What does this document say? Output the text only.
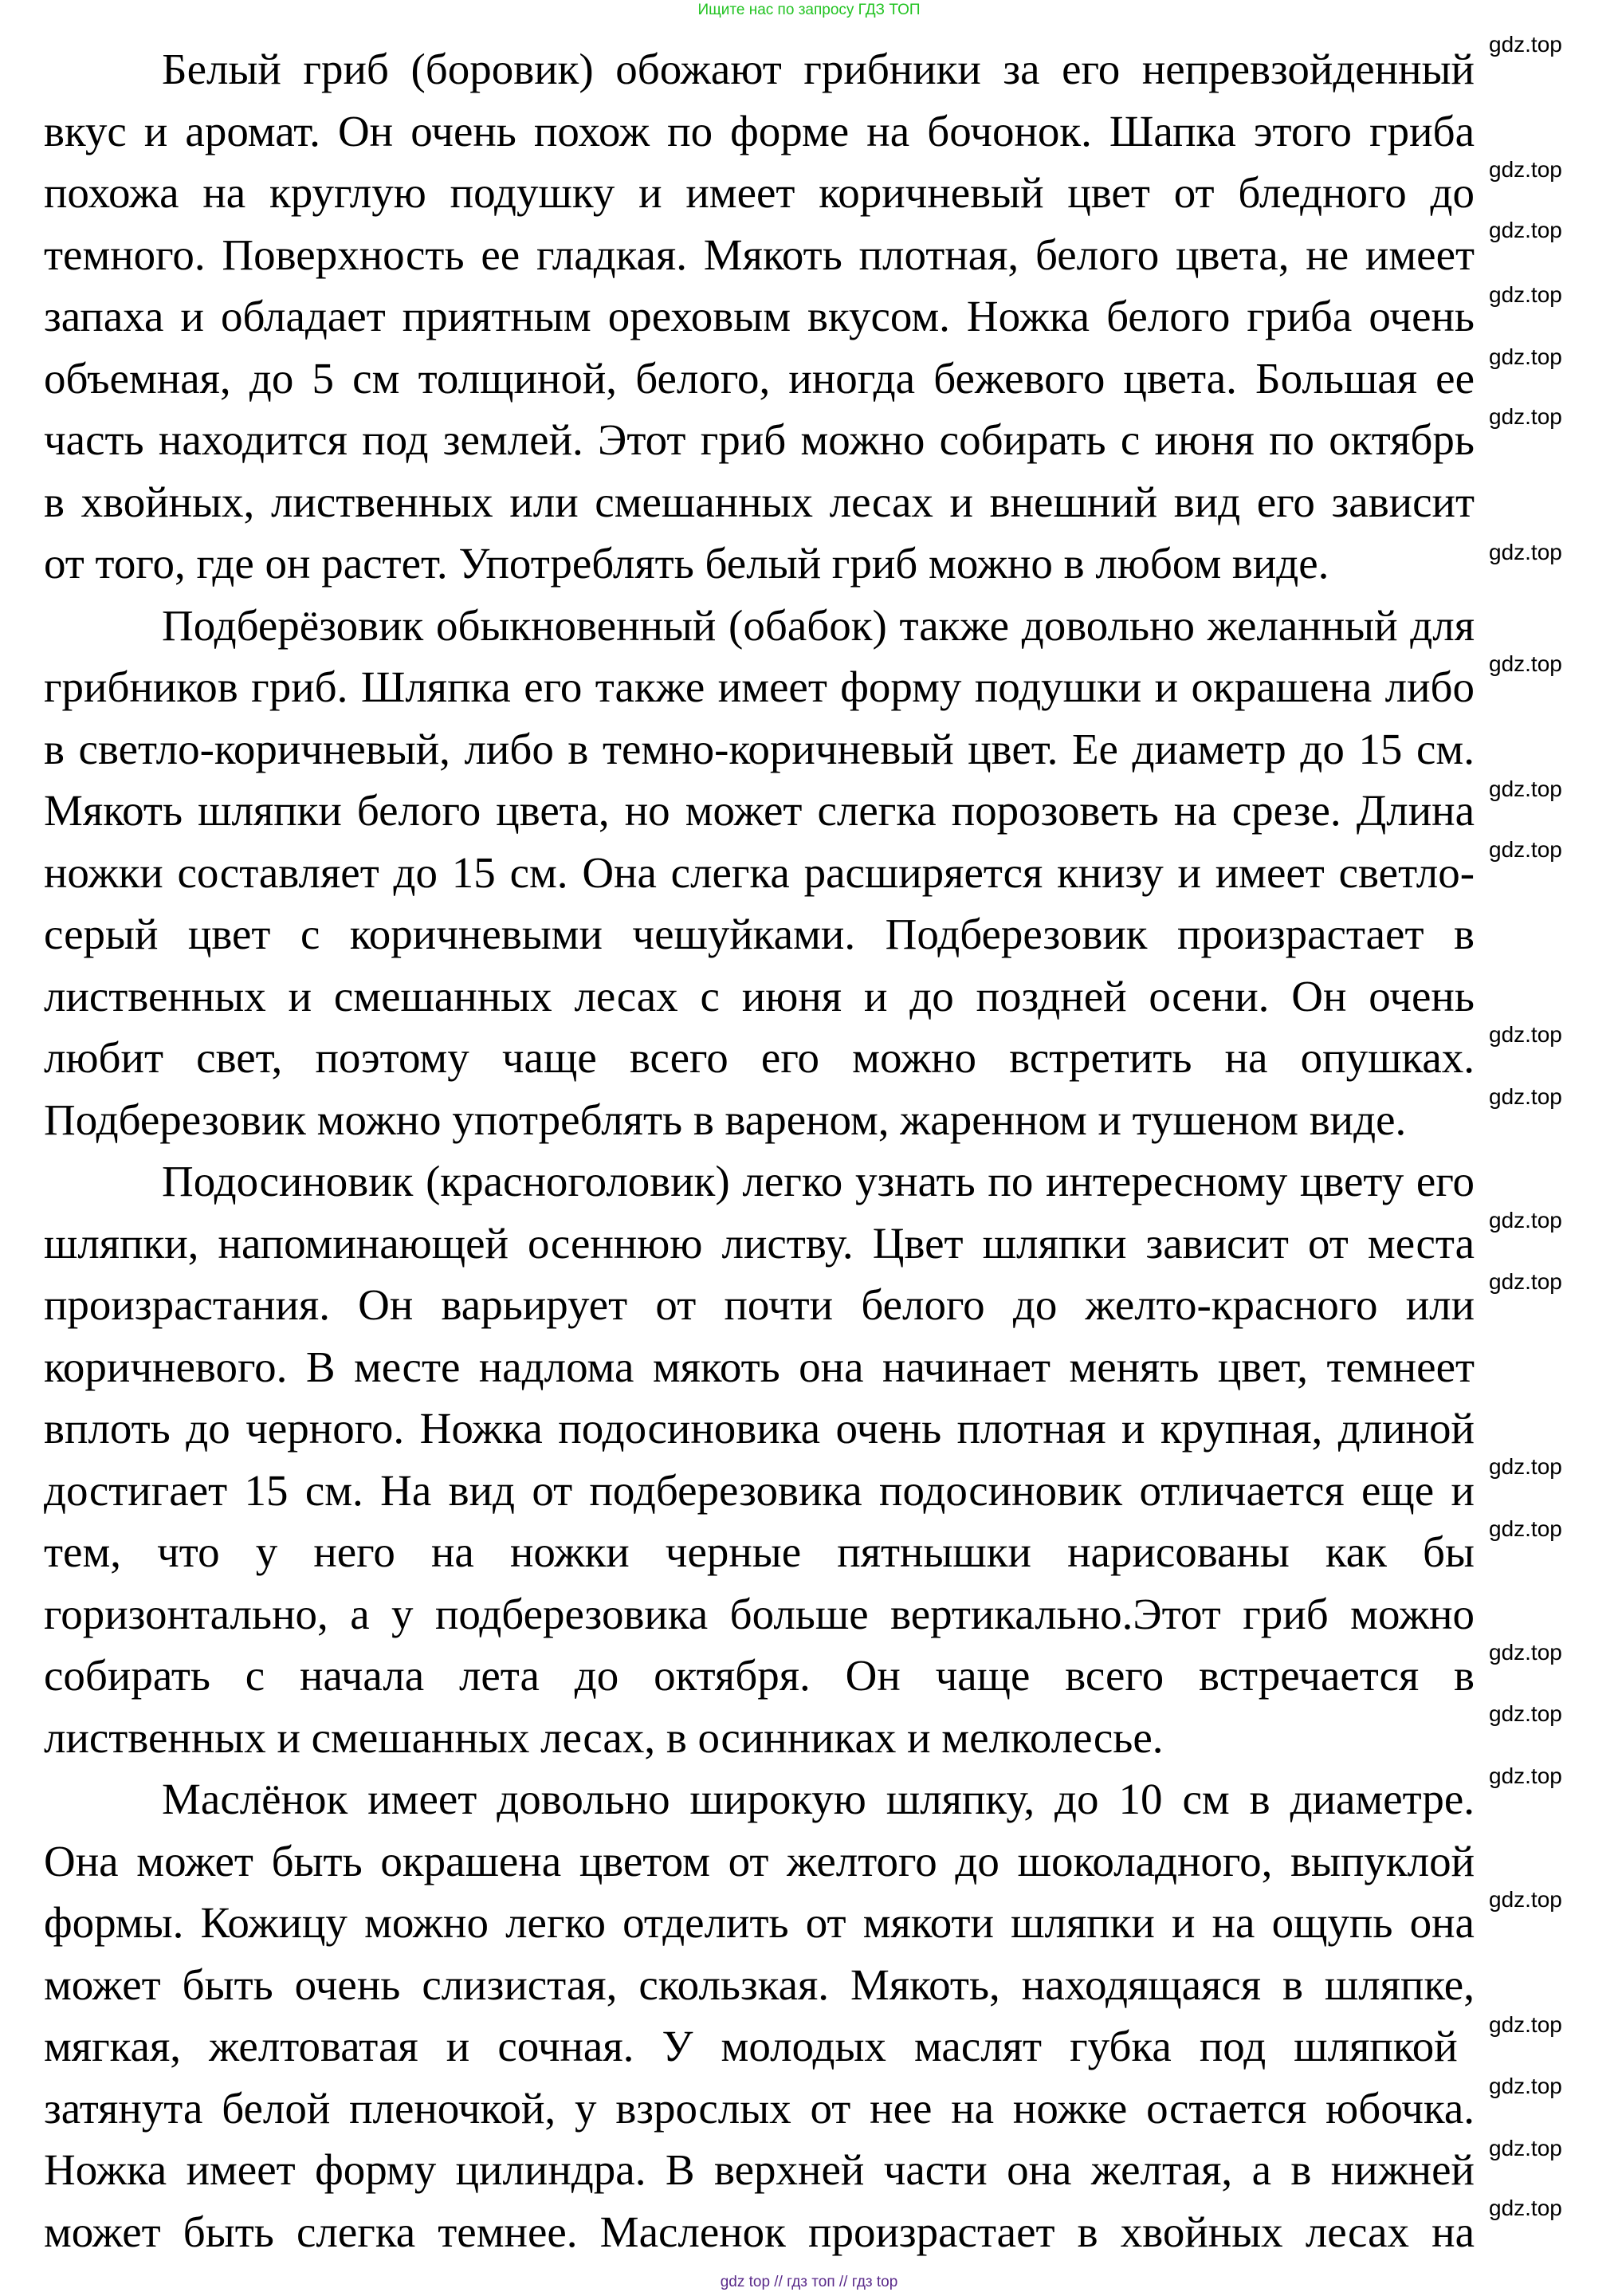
Ищите нас по запросу ГДЗ ТОП
Белый гриб (боровик) обожают грибники за его непревзойденный
вкус и аромат. Он очень похож по форме на бочонок. Шапка этого гриба
похожа на круглую подушку и имеет коричневый цвет от бледного до
темного. Поверхность ее гладкая. Мякоть плотная, белого цвета, не имеет
запаха и обладает приятным ореховым вкусом. Ножка белого гриба очень
объемная, до 5 см толщиной, белого, иногда бежевого цвета. Большая ее
часть находится под землей. Этот гриб можно собирать с июня по октябрь
в хвойных, лиственных или смешанных лесах и внешний вид его зависит
от того, где он растет. Употреблять белый гриб можно в любом виде.
Подберёзовик обыкновенный (обабок) также довольно желанный для
грибников гриб. Шляпка его также имеет форму подушки и окрашена либо
в светло-коричневый, либо в темно-коричневый цвет. Ее диаметр до 15 см.
Мякоть шляпки белого цвета, но может слегка порозоветь на срезе. Длина
ножки составляет до 15 см. Она слегка расширяется книзу и имеет светло-
серый цвет с коричневыми чешуйками. Подберезовик произрастает в
лиственных и смешанных лесах с июня и до поздней осени. Он очень
любит свет, поэтому чаще всего его можно встретить на опушках.
Подберезовик можно употреблять в вареном, жаренном и тушеном виде.
Подосиновик (красноголовик) легко узнать по интересному цвету его
шляпки, напоминающей осеннюю листву. Цвет шляпки зависит от места
произрастания. Он варьирует от почти белого до желто-красного или
коричневого. В месте надлома мякоть она начинает менять цвет, темнеет
вплоть до черного. Ножка подосиновика очень плотная и крупная, длиной
достигает 15 см. На вид от подберезовика подосиновик отличается еще и
тем, что у него на ножки черные пятнышки нарисованы как бы
горизонтально, а у подберезовика больше вертикально.Этот гриб можно
собирать с начала лета до октября. Он чаще всего встречается в
лиственных и смешанных лесах, в осинниках и мелколесье.
Маслёнок имеет довольно широкую шляпку, до 10 см в диаметре.
Она может быть окрашена цветом от желтого до шоколадного, выпуклой
формы. Кожицу можно легко отделить от мякоти шляпки и на ощупь она
может быть очень слизистая, скользкая. Мякоть, находящаяся в шляпке,
мягкая, желтоватая и сочная. У молодых маслят губка под шляпкой
затянута белой пленочкой, у взрослых от нее на ножке остается юбочка.
Ножка имеет форму цилиндра. В верхней части она желтая, а в нижней
может быть слегка темнее. Масленок произрастает в хвойных лесах на
gdz.top
gdz.top
gdz.top
gdz.top
gdz.top
gdz.top
gdz.top
gdz.top
gdz.top
gdz.top
gdz.top
gdz.top
gdz.top
gdz.top
gdz.top
gdz.top
gdz.top
gdz.top
gdz.top
gdz.top
gdz.top
gdz.top
gdz.top
gdz.top
gdz top // гдз топ // гдз top
